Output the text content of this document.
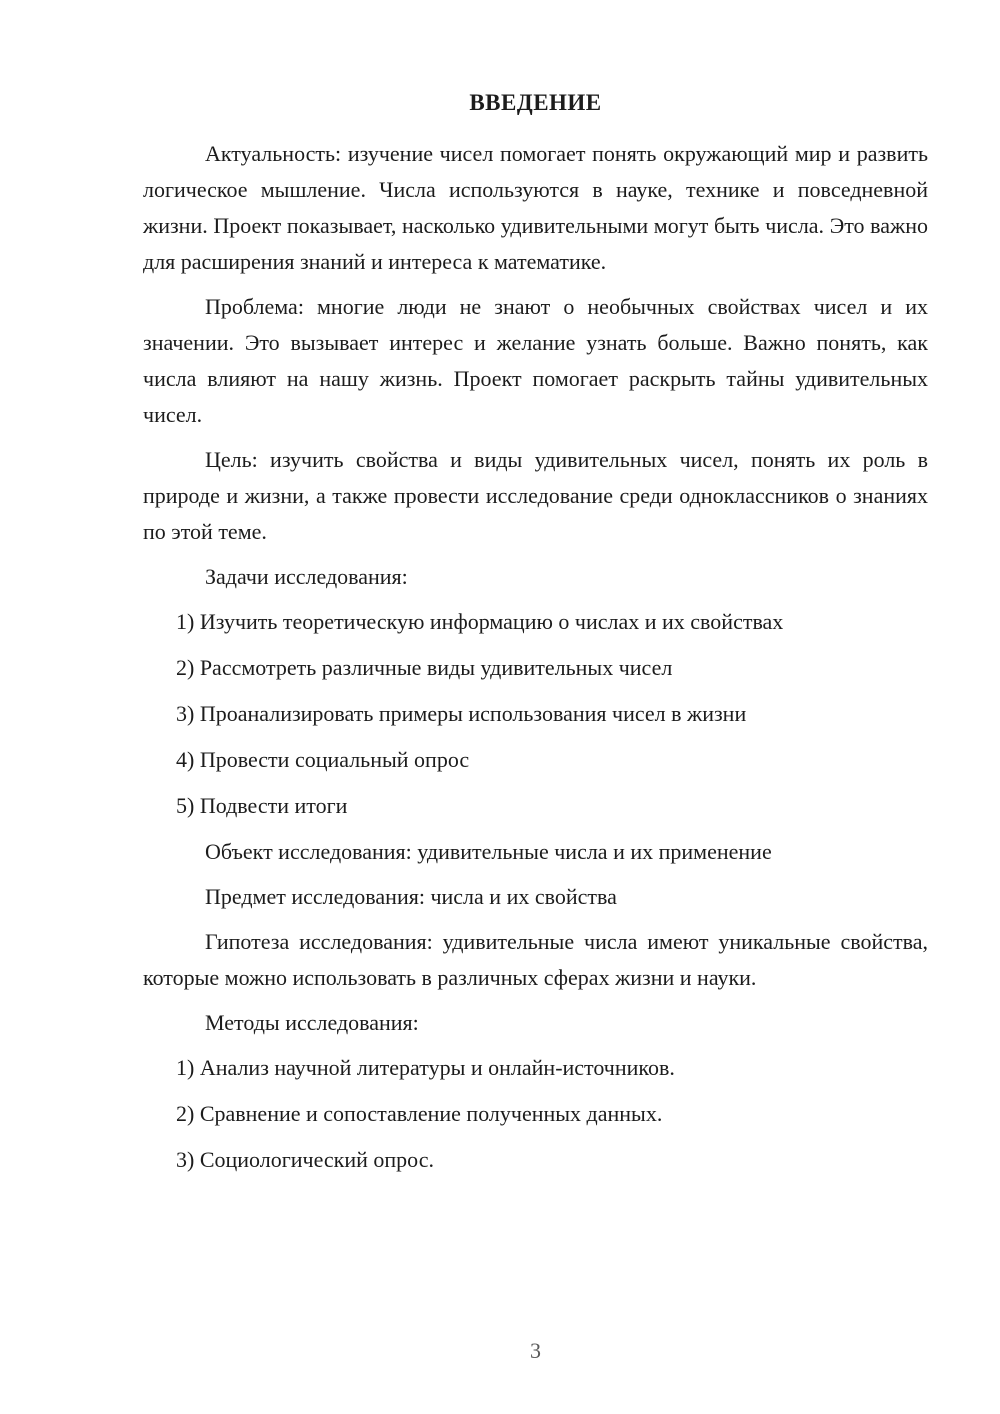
ВВЕДЕНИЕ

Актуальность: изучение чисел помогает понять окружающий мир и развить логическое мышление. Числа используются в науке, технике и повседневной жизни. Проект показывает, насколько удивительными могут быть числа. Это важно для расширения знаний и интереса к математике.

Проблема: многие люди не знают о необычных свойствах чисел и их значении. Это вызывает интерес и желание узнать больше. Важно понять, как числа влияют на нашу жизнь. Проект помогает раскрыть тайны удивительных чисел.

Цель: изучить свойства и виды удивительных чисел, понять их роль в природе и жизни, а также провести исследование среди одноклассников о знаниях по этой теме.

Задачи исследования:

1) Изучить теоретическую информацию о числах и их свойствах

2) Рассмотреть различные виды удивительных чисел

3) Проанализировать примеры использования чисел в жизни

4) Провести социальный опрос

5) Подвести итоги

Объект исследования: удивительные числа и их применение

Предмет исследования: числа и их свойства

Гипотеза исследования: удивительные числа имеют уникальные свойства, которые можно использовать в различных сферах жизни и науки.

Методы исследования:

1) Анализ научной литературы и онлайн-источников.

2) Сравнение и сопоставление полученных данных.

3) Социологический опрос.

3
